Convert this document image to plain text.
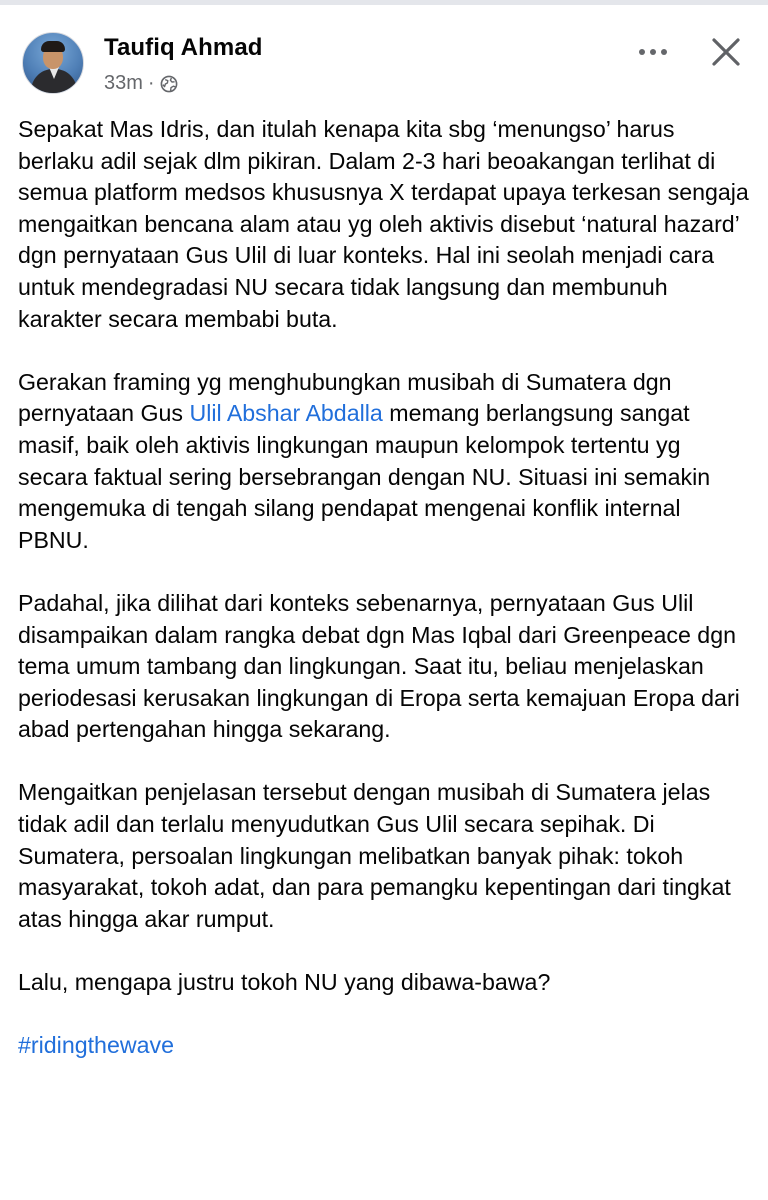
Taufiq Ahmad
33m ·

Sepakat Mas Idris, dan itulah kenapa kita sbg ‘menungso’ harus berlaku adil sejak dlm pikiran. Dalam 2-3 hari beoakangan terlihat di semua platform medsos khususnya X terdapat upaya terkesan sengaja mengaitkan bencana alam atau yg oleh aktivis disebut ‘natural hazard’ dgn pernyataan Gus Ulil di luar konteks. Hal ini seolah menjadi cara untuk mendegradasi NU secara tidak langsung dan membunuh karakter secara membabi buta.

Gerakan framing yg menghubungkan musibah di Sumatera dgn pernyataan Gus Ulil Abshar Abdalla memang berlangsung sangat masif, baik oleh aktivis lingkungan maupun kelompok tertentu yg secara faktual sering bersebrangan dengan NU. Situasi ini semakin mengemuka di tengah silang pendapat mengenai konflik internal PBNU.

Padahal, jika dilihat dari konteks sebenarnya, pernyataan Gus Ulil disampaikan dalam rangka debat dgn Mas Iqbal dari Greenpeace dgn tema umum tambang dan lingkungan. Saat itu, beliau menjelaskan periodesasi kerusakan lingkungan di Eropa serta kemajuan Eropa dari abad pertengahan hingga sekarang.

Mengaitkan penjelasan tersebut dengan musibah di Sumatera jelas tidak adil dan terlalu menyudutkan Gus Ulil secara sepihak. Di Sumatera, persoalan lingkungan melibatkan banyak pihak: tokoh masyarakat, tokoh adat, dan para pemangku kepentingan dari tingkat atas hingga akar rumput.

Lalu, mengapa justru tokoh NU yang dibawa-bawa?

#ridingthewave
